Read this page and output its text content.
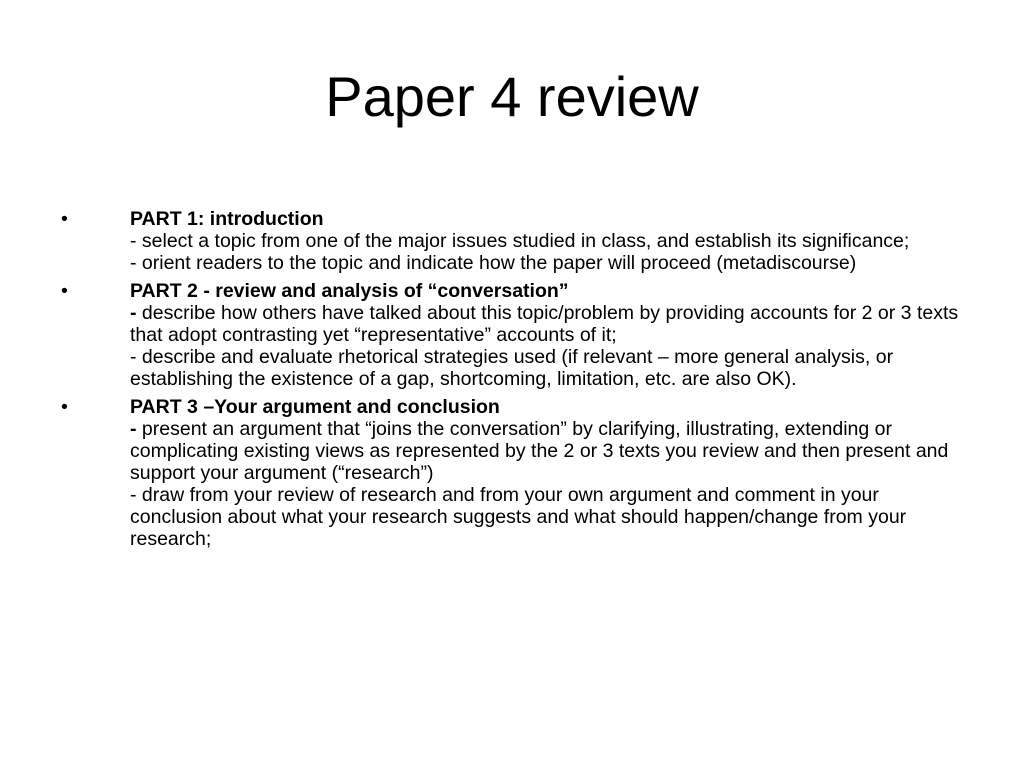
Paper 4 review
•	PART 1: introduction
- select a topic from one of the major issues studied in class, and establish its significance;
- orient readers to the topic and indicate how the paper will proceed (metadiscourse)
•	PART 2 - review and analysis of “conversation”
- describe how others have talked about this topic/problem by providing accounts for 2 or 3 texts that adopt contrasting yet “representative” accounts of it;
- describe and evaluate rhetorical strategies used (if relevant – more general analysis, or establishing the existence of a gap, shortcoming, limitation, etc. are also OK).
•	PART 3 –Your argument and conclusion
- present an argument that “joins the conversation” by clarifying, illustrating, extending or complicating existing views as represented by the 2 or 3 texts you review and then present and support your argument (“research”)
- draw from your review of research and from your own argument and comment in your conclusion about what your research suggests and what should happen/change from your research;
